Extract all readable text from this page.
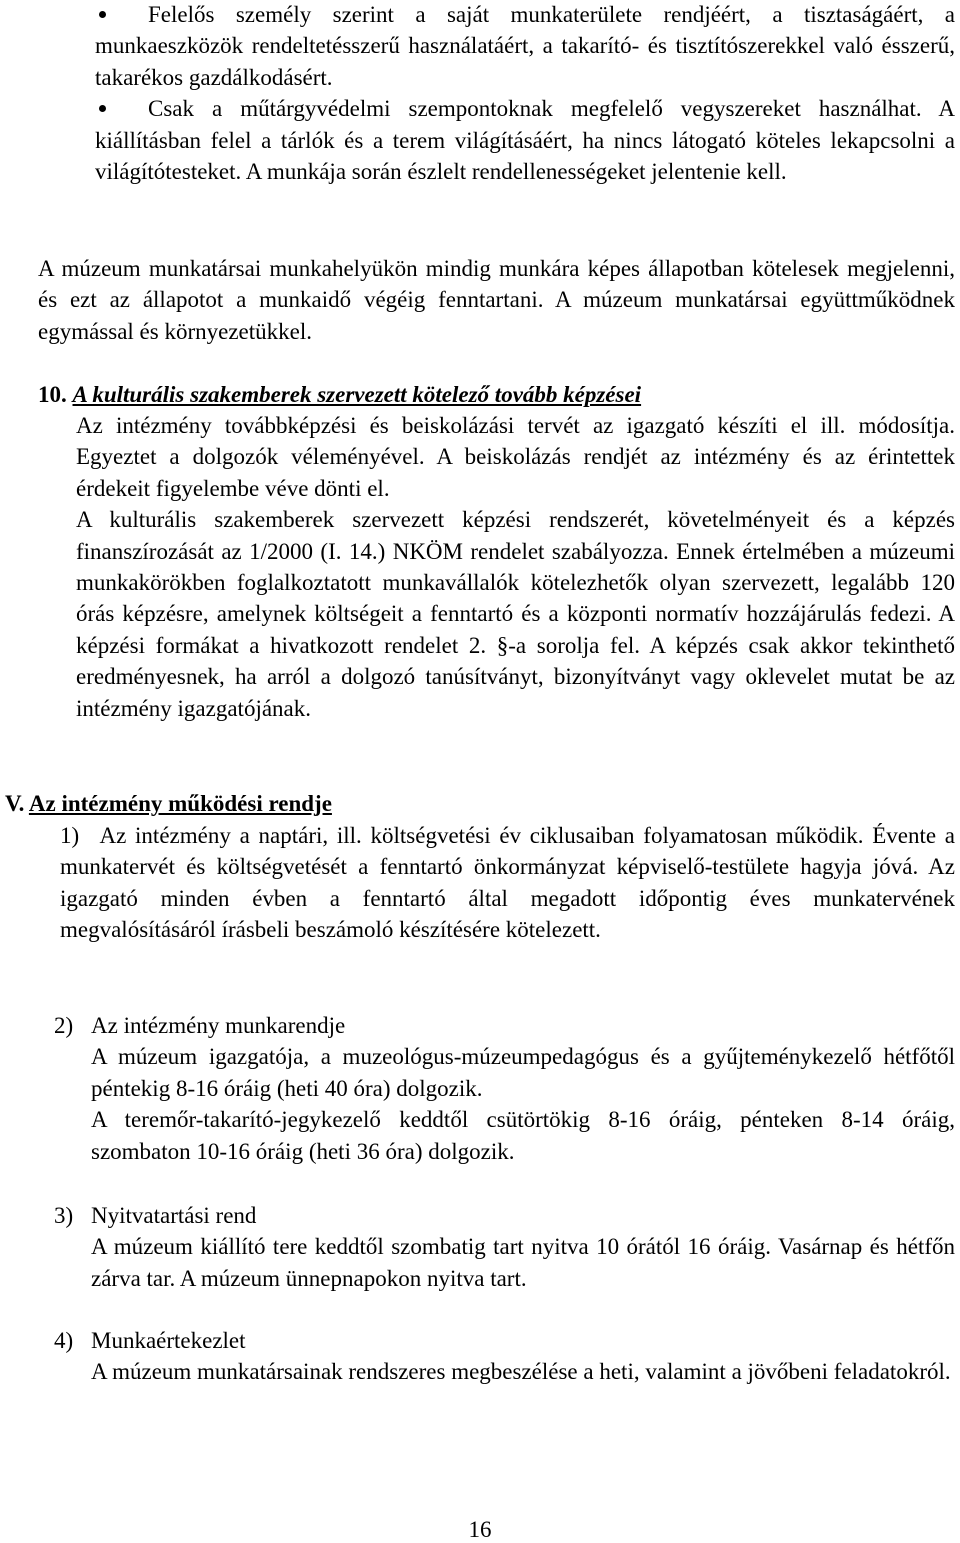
Felelős személy szerint a saját munkaterülete rendjéért, a tisztaságáért, a munkaeszközök rendeltetésszerű használatáért, a takarító- és tisztítószerekkel való ésszerű, takarékos gazdálkodásért.
Csak a műtárgyvédelmi szempontoknak megfelelő vegyszereket használhat. A kiállításban felel a tárlók és a terem világításáért, ha nincs látogató köteles lekapcsolni a világítótesteket. A munkája során észlelt rendellenességeket jelentenie kell.

A múzeum munkatársai munkahelyükön mindig munkára képes állapotban kötelesek megjelenni, és ezt az állapotot a munkaidő végéig fenntartani. A múzeum munkatársai együttműködnek egymással és környezetükkel.

10. A kulturális szakemberek szervezett kötelező tovább képzései

Az intézmény továbbképzési és beiskolázási tervét az igazgató készíti el ill. módosítja. Egyeztet a dolgozók véleményével. A beiskolázás rendjét az intézmény és az érintettek érdekeit figyelembe véve dönti el.

A kulturális szakemberek szervezett képzési rendszerét, követelményeit és a képzés finanszírozását az 1/2000 (I. 14.) NKÖM rendelet szabályozza. Ennek értelmében a múzeumi munkakörökben foglalkoztatott munkavállalók kötelezhetők olyan szervezett, legalább 120 órás képzésre, amelynek költségeit a fenntartó és a központi normatív hozzájárulás fedezi. A képzési formákat a hivatkozott rendelet 2. §-a sorolja fel. A képzés csak akkor tekinthető eredményesnek, ha arról a dolgozó tanúsítványt, bizonyítványt vagy oklevelet mutat be az intézmény igazgatójának.

V. Az intézmény működési rendje
1) Az intézmény a naptári, ill. költségvetési év ciklusaiban folyamatosan működik. Évente a munkatervét és költségvetését a fenntartó önkormányzat képviselő-testülete hagyja jóvá. Az igazgató minden évben a fenntartó által megadott időpontig éves munkatervének megvalósításáról írásbeli beszámoló készítésére kötelezett.
2) Az intézmény munkarendje

A múzeum igazgatója, a muzeológus-múzeumpedagógus és a gyűjteménykezelő hétfőtől péntekig 8-16 óráig (heti 40 óra) dolgozik.

A teremőr-takarító-jegykezelő keddtől csütörtökig 8-16 óráig, pénteken 8-14 óráig, szombaton 10-16 óráig (heti 36 óra) dolgozik.

3) Nyitvatartási rend

A múzeum kiállító tere keddtől szombatig tart nyitva 10 órától 16 óráig. Vasárnap és hétfőn zárva tar. A múzeum ünnepnapokon nyitva tart.

4) Munkaértekezlet

A múzeum munkatársainak rendszeres megbeszélése a heti, valamint a jövőbeni feladatokról.

16
